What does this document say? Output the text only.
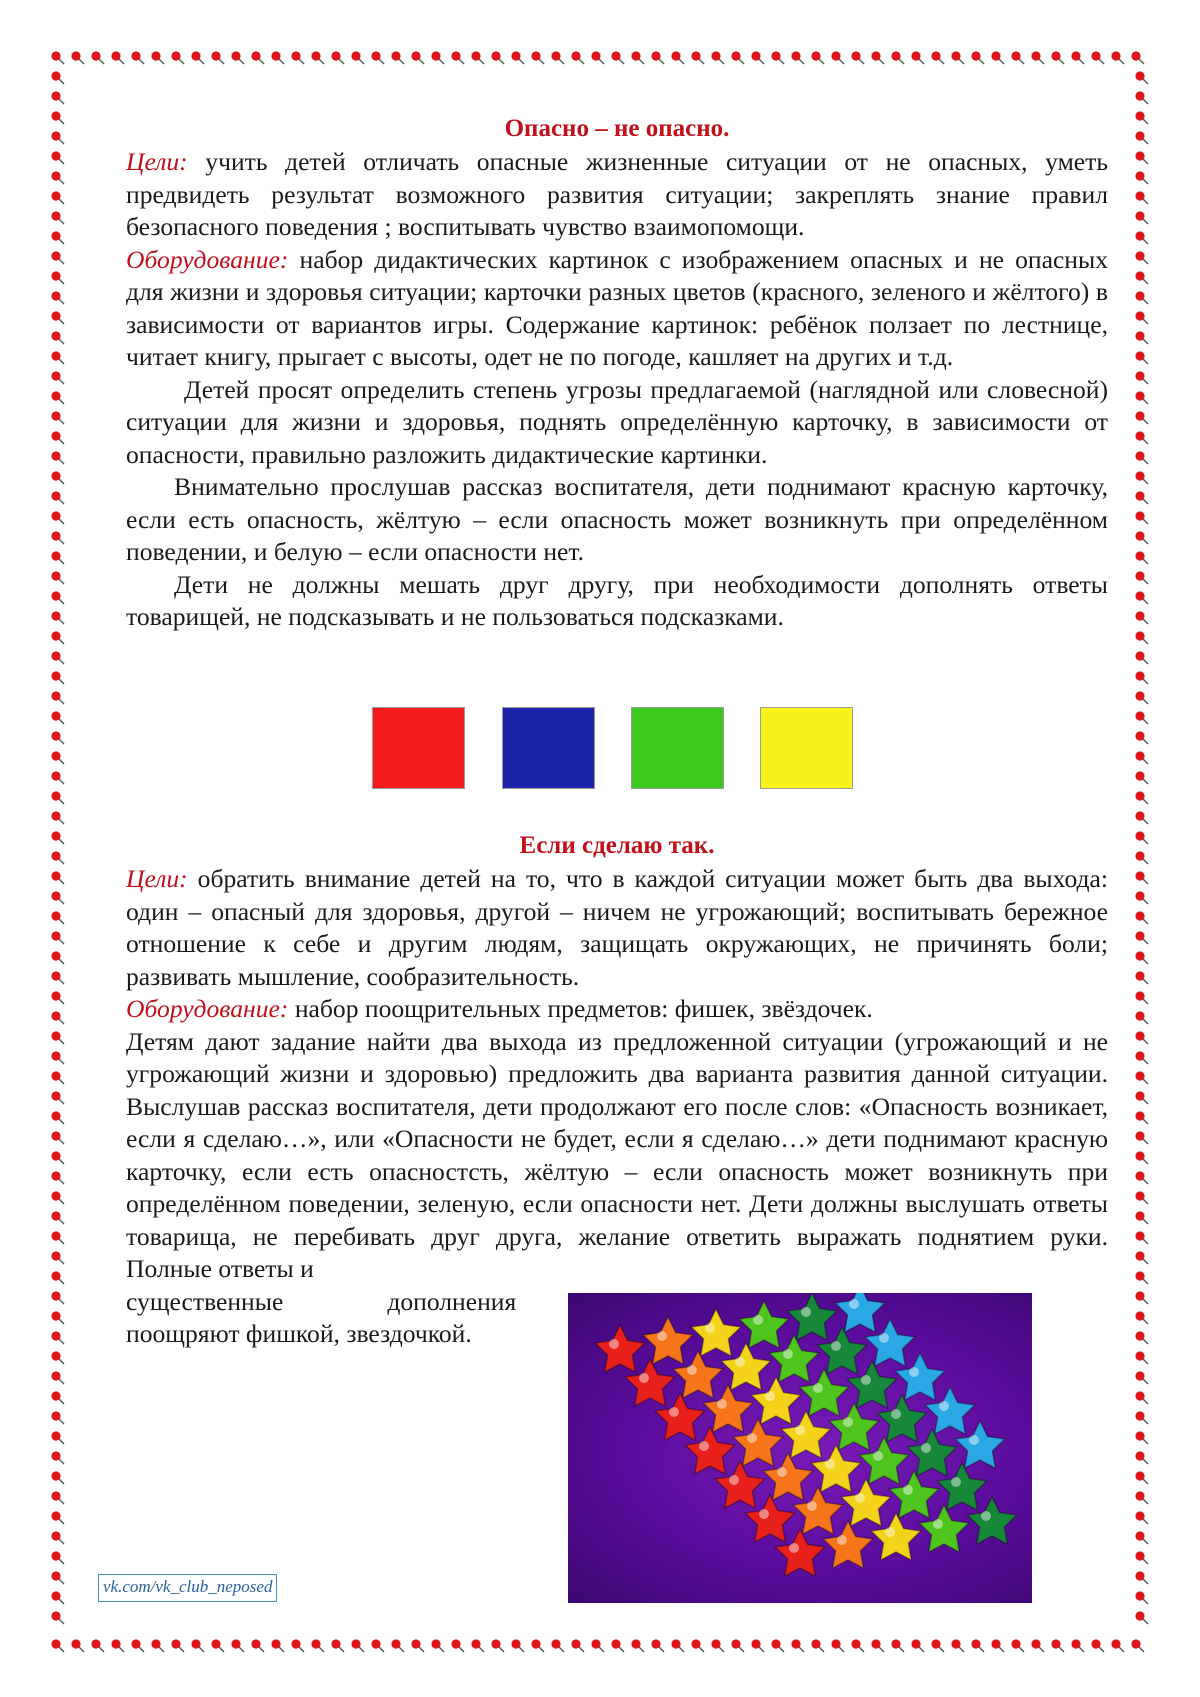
Опасно – не опасно.

Цели: учить детей отличать опасные жизненные ситуации от не опасных, уметь предвидеть результат возможного развития ситуации; закреплять знание правил безопасного поведения ; воспитывать чувство взаимопомощи.

Оборудование: набор дидактических картинок с изображением опасных и не опасных для жизни и здоровья ситуации; карточки разных цветов (красного, зеленого и жёлтого) в зависимости от вариантов игры. Содержание картинок: ребёнок ползает по лестнице, читает книгу, прыгает с высоты, одет не по погоде, кашляет на других и т.д.

Детей просят определить степень угрозы предлагаемой (наглядной или словесной) ситуации для жизни и здоровья, поднять определённую карточку, в зависимости от опасности, правильно разложить дидактические картинки.

Внимательно прослушав рассказ воспитателя, дети поднимают красную карточку, если есть опасность, жёлтую – если опасность может возникнуть при определённом поведении, и белую – если опасности нет.

Дети не должны мешать друг другу, при необходимости дополнять ответы товарищей, не подсказывать и не пользоваться подсказками.

Если сделаю так.

Цели: обратить внимание детей на то, что в каждой ситуации может быть два выхода: один – опасный для здоровья, другой – ничем не угрожающий; воспитывать бережное отношение к себе и другим людям, защищать окружающих, не причинять боли; развивать мышление, сообразительность.

Оборудование: набор поощрительных предметов: фишек, звёздочек.

Детям дают задание найти два выхода из предложенной ситуации (угрожающий и не угрожающий жизни и здоровью) предложить два варианта развития данной ситуации. Выслушав рассказ воспитателя, дети продолжают его после слов: «Опасность возникает, если я сделаю…», или «Опасности не будет, если я сделаю…» дети поднимают красную карточку, если есть опасностсть, жёлтую – если опасность может возникнуть при определённом поведении, зеленую, если опасности нет. Дети должны выслушать ответы товарища, не перебивать друг друга, желание ответить выражать поднятием руки. Полные ответы и

существенные	дополнения

поощряют фишкой, звездочкой.

vk.com/vk_club_neposed
